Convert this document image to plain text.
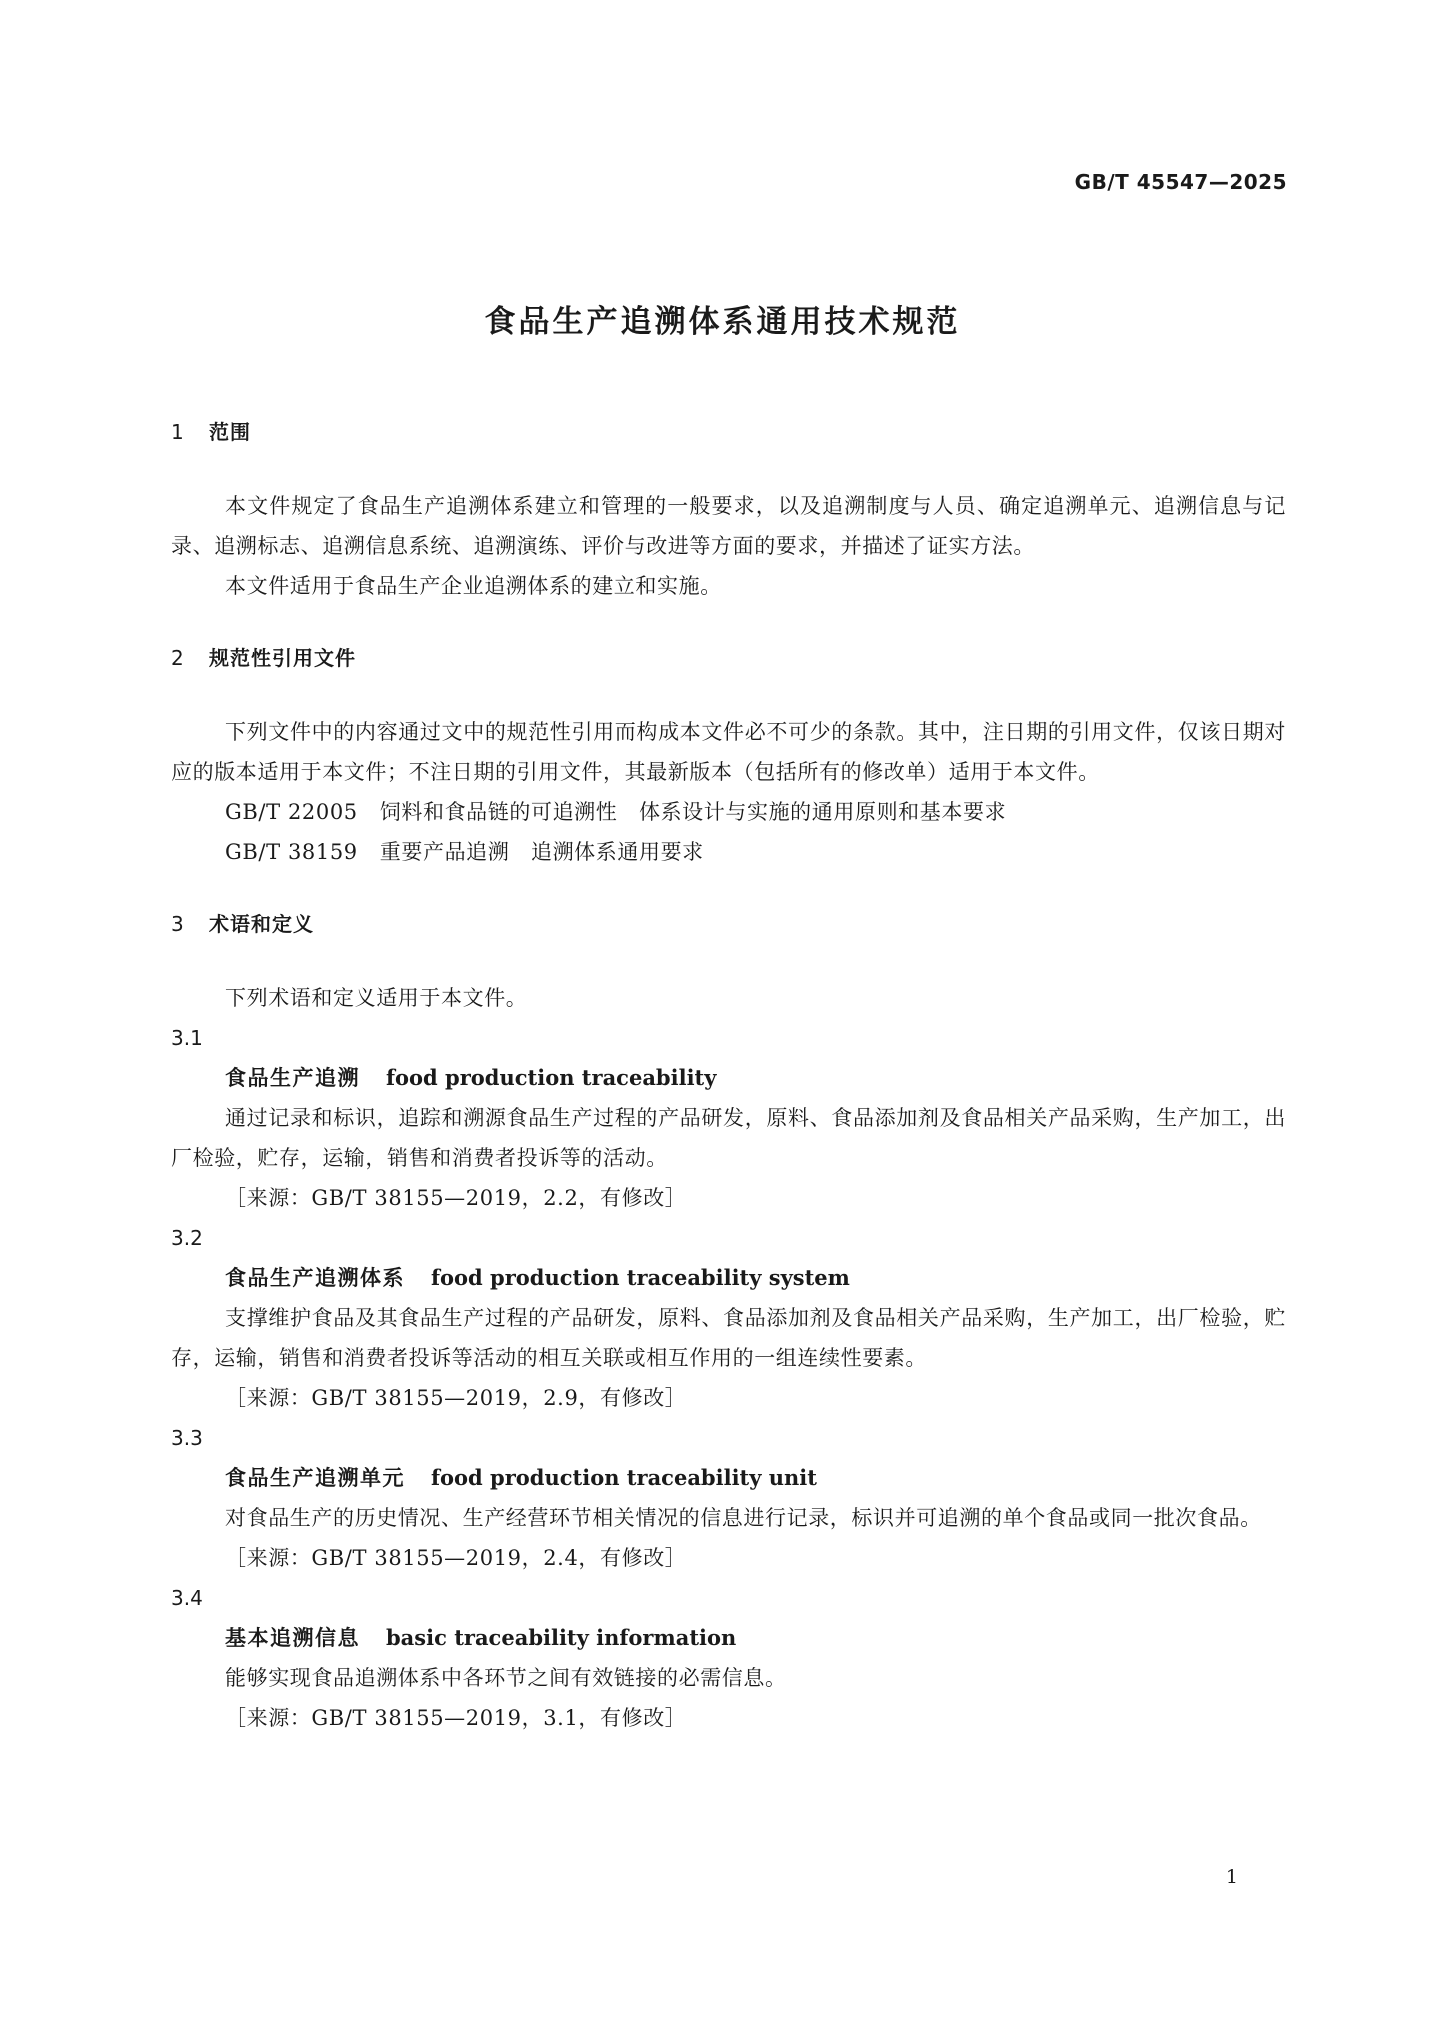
GB/T 45547—2025
食品生产追溯体系通用技术规范
1 范围

本文件规定了食品生产追溯体系建立和管理的一般要求，以及追溯制度与人员、确定追溯单元、追溯信息与记录、追溯标志、追溯信息系统、追溯演练、评价与改进等方面的要求，并描述了证实方法。

本文件适用于食品生产企业追溯体系的建立和实施。

2 规范性引用文件

下列文件中的内容通过文中的规范性引用而构成本文件必不可少的条款。其中，注日期的引用文件，仅该日期对应的版本适用于本文件；不注日期的引用文件，其最新版本（包括所有的修改单）适用于本文件。

GB/T 22005 饲料和食品链的可追溯性　体系设计与实施的通用原则和基本要求

GB/T 38159 重要产品追溯　追溯体系通用要求

3 术语和定义

下列术语和定义适用于本文件。

3.1

食品生产追溯 food production traceability

通过记录和标识，追踪和溯源食品生产过程的产品研发，原料、食品添加剂及食品相关产品采购，生产加工，出厂检验，贮存，运输，销售和消费者投诉等的活动。

［来源：GB/T 38155—2019，2.2，有修改］

3.2

食品生产追溯体系 food production traceability system

支撑维护食品及其食品生产过程的产品研发，原料、食品添加剂及食品相关产品采购，生产加工，出厂检验，贮存，运输，销售和消费者投诉等活动的相互关联或相互作用的一组连续性要素。

［来源：GB/T 38155—2019，2.9，有修改］

3.3

食品生产追溯单元 food production traceability unit

对食品生产的历史情况、生产经营环节相关情况的信息进行记录，标识并可追溯的单个食品或同一批次食品。

［来源：GB/T 38155—2019，2.4，有修改］

3.4

基本追溯信息 basic traceability information

能够实现食品追溯体系中各环节之间有效链接的必需信息。

［来源：GB/T 38155—2019，3.1，有修改］

1
